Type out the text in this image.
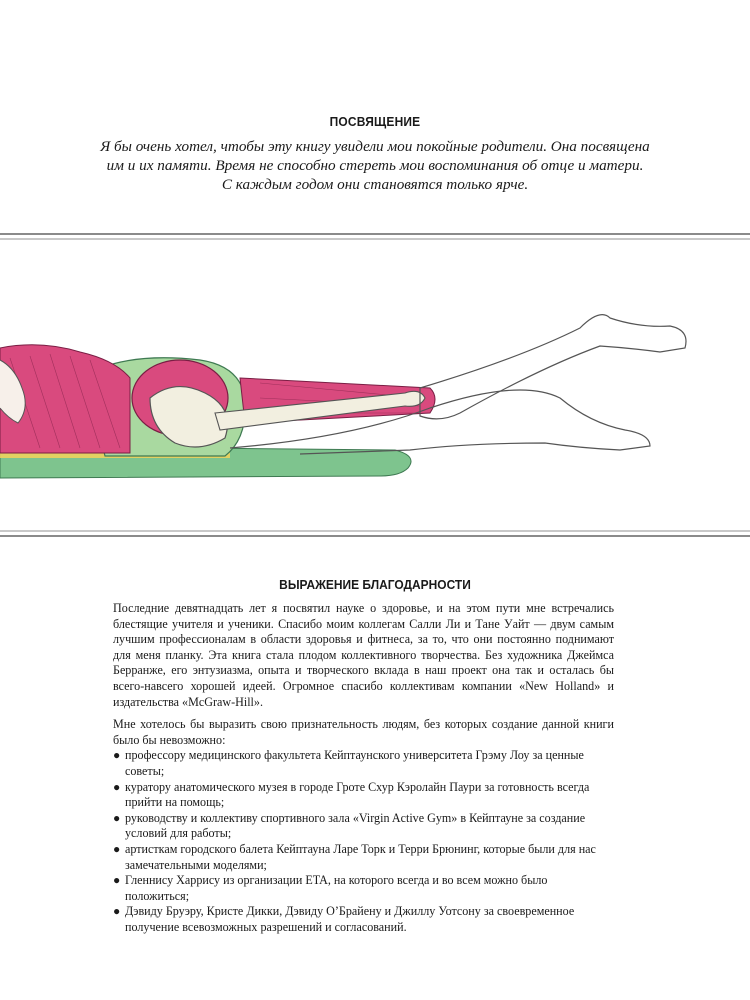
ПОСВЯЩЕНИЕ
Я бы очень хотел, чтобы эту книгу увидели мои покойные родители. Она посвящена им и их памяти. Время не способно стереть мои воспоминания об отце и матери. С каждым годом они становятся только ярче.
ВЫРАЖЕНИЕ БЛАГОДАРНОСТИ

Последние девятнадцать лет я посвятил науке о здоровье, и на этом пути мне встречались блестящие учителя и ученики. Спасибо моим коллегам Салли Ли и Тане Уайт — двум самым лучшим профессионалам в области здоровья и фитнеса, за то, что они постоянно поднимают для меня планку. Эта книга стала плодом коллективного творчества. Без художника Джеймса Берранже, его энтузиазма, опыта и творческого вклада в наш проект она так и осталась бы всего-навсего хорошей идеей. Огромное спасибо коллективам компании «New Holland» и издательства «McGraw-Hill».

Мне хотелось бы выразить свою признательность людям, без которых создание данной книги было бы невозможно:

● профессору медицинского факультета Кейптаунского университета Грэму Лоу за ценные советы;
● куратору анатомического музея в городе Гроте Схур Кэролайн Паури за готовность всегда прийти на помощь;
● руководству и коллективу спортивного зала «Virgin Active Gym» в Кейптауне за создание условий для работы;
● артисткам городского балета Кейптауна Ларе Торк и Терри Брюнинг, которые были для нас замечательными моделями;
● Гленнису Харрису из организации ETA, на которого всегда и во всем можно было положиться;
● Дэвиду Бруэру, Кристе Дикки, Дэвиду О’Брайену и Джиллу Уотсону за своевременное получение всевозможных разрешений и согласований.
